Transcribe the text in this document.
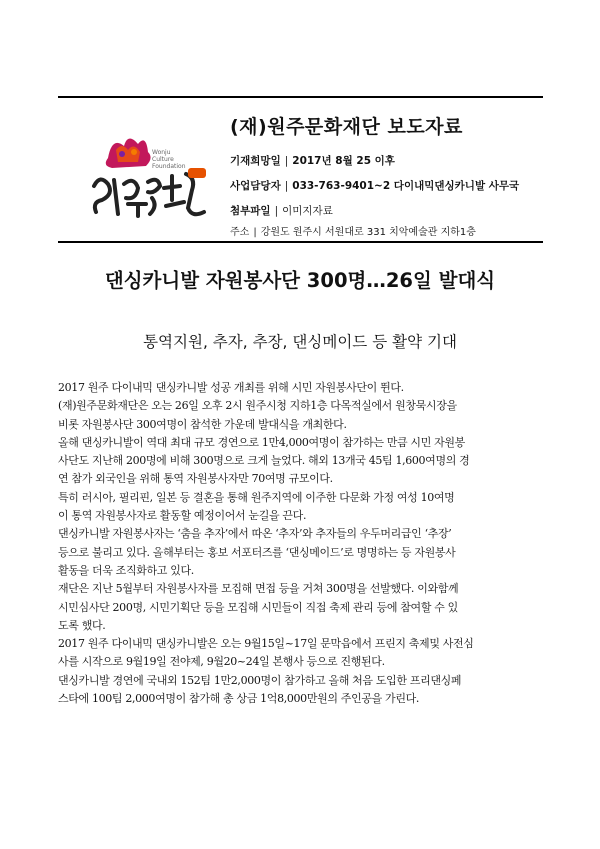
Wonju
Culture
Foundation
(재)원주문화재단 보도자료
기재희망일 | 2017년 8월 25 이후
사업담당자 | 033-763-9401~2 다이내믹댄싱카니발 사무국
첨부파일 | 이미지자료
주소 | 강원도 원주시 서원대로 331 치악예술관 지하1층
댄싱카니발 자원봉사단 300명…26일 발대식
통역지원, 추자, 추장, 댄싱메이드 등 활약 기대
2017 원주 다이내믹 댄싱카니발 성공 개최를 위해 시민 자원봉사단이 뛴다.
(재)원주문화재단은 오는 26일 오후 2시 원주시청 지하1층 다목적실에서 원창묵시장을
비롯 자원봉사단 300여명이 참석한 가운데 발대식을 개최한다.
올해 댄싱카니발이 역대 최대 규모 경연으로 1만4,000여명이 참가하는 만큼 시민 자원봉
사단도 지난해 200명에 비해 300명으로 크게 늘었다. 해외 13개국 45팀 1,600여명의 경
연 참가 외국인을 위해 통역 자원봉사자만 70여명 규모이다.
특히 러시아, 필리핀, 일본 등 결혼을 통해 원주지역에 이주한 다문화 가정 여성 10여명
이 통역 자원봉사자로 활동할 예정이어서 눈길을 끈다.
댄싱카니발 자원봉사자는 ‘춤을 추자’에서 따온 ‘추자’와 추자들의 우두머리급인 ‘추장’
등으로 불리고 있다. 올해부터는 홍보 서포터즈를 ‘댄싱메이드’로 명명하는 등 자원봉사
활동을 더욱 조직화하고 있다.
재단은 지난 5월부터 자원봉사자를 모집해 면접 등을 거쳐 300명을 선발했다. 이와함께
시민심사단 200명, 시민기획단 등을 모집해 시민들이 직접 축제 관리 등에 참여할 수 있
도록 했다.
2017 원주 다이내믹 댄싱카니발은 오는 9월15일~17일 문막읍에서 프린지 축제및 사전심
사를 시작으로 9월19일 전야제, 9월20~24일 본행사 등으로 진행된다.
댄싱카니발 경연에 국내외 152팀 1만2,000명이 참가하고 올해 처음 도입한 프리댄싱페
스타에 100팀 2,000여명이 참가해 총 상금 1억8,000만원의 주인공을 가린다.
